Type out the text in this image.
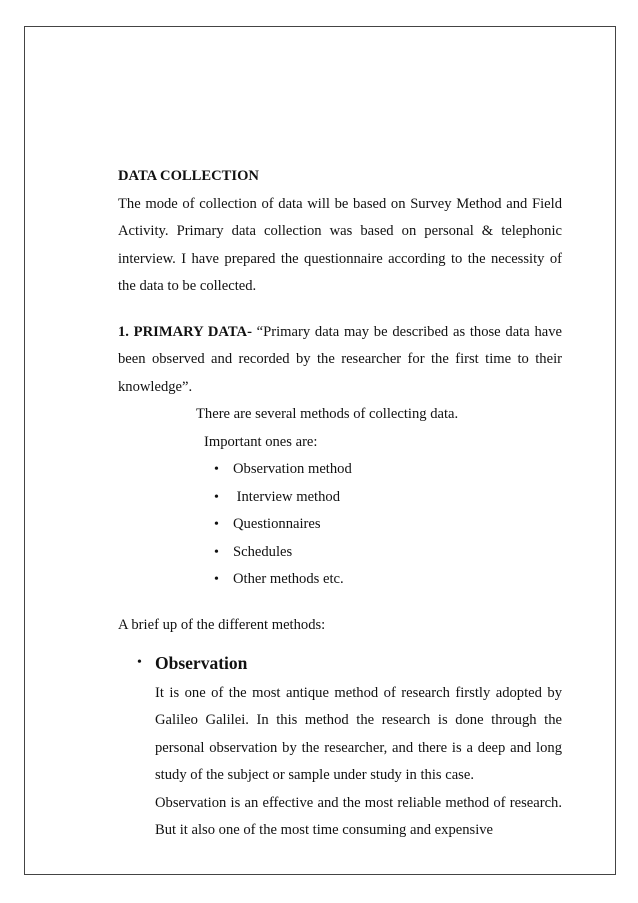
DATA COLLECTION

The mode of collection of data will be based on Survey Method and Field Activity. Primary data collection was based on personal & telephonic interview. I have prepared the questionnaire according to the necessity of the data to be collected.

1. PRIMARY DATA- “Primary data may be described as those data have been observed and recorded by the researcher for the first time to their knowledge”.

There are several methods of collecting data.

Important ones are:

• Observation method
• Interview method
• Questionnaires
• Schedules
• Other methods etc.

A brief up of the different methods:

• Observation

It is one of the most antique method of research firstly adopted by Galileo Galilei. In this method the research is done through the personal observation by the researcher, and there is a deep and long study of the subject or sample under study in this case.

Observation is an effective and the most reliable method of research. But it also one of the most time consuming and expensive
